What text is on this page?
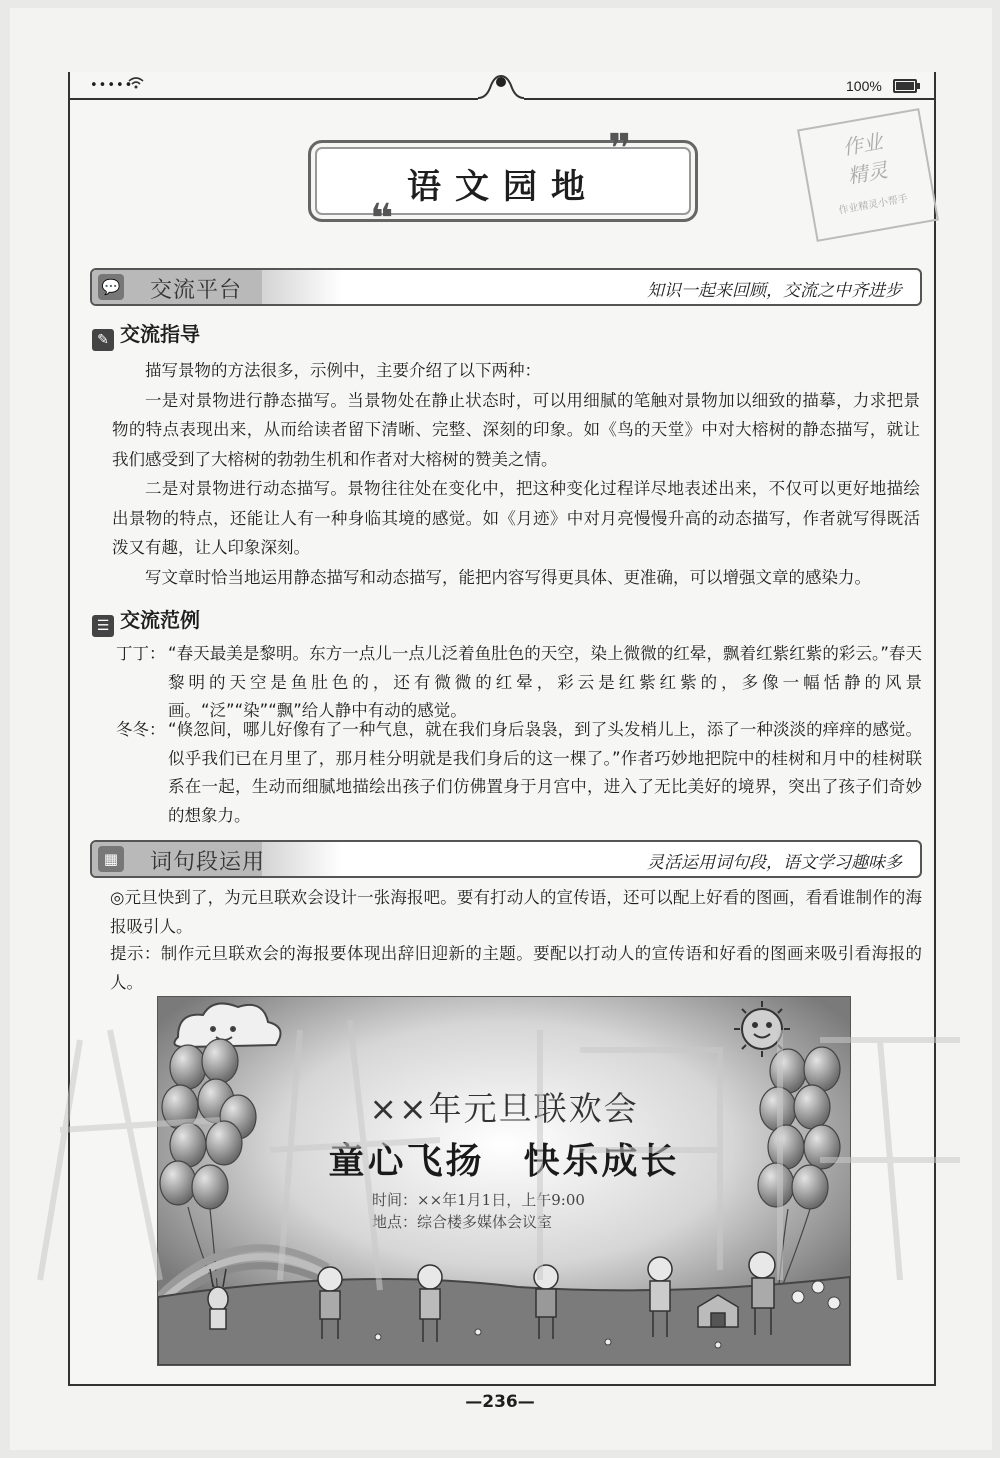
•••••	100%
语文园地
❝
❞	作业
精灵
作业精灵小帮手
💬 交流平台	知识一起来回顾，交流之中齐进步
✎ 交流指导

描写景物的方法很多，示例中，主要介绍了以下两种：

一是对景物进行静态描写。当景物处在静止状态时，可以用细腻的笔触对景物加以细致的描摹，力求把景物的特点表现出来，从而给读者留下清晰、完整、深刻的印象。如《鸟的天堂》中对大榕树的静态描写，就让我们感受到了大榕树的勃勃生机和作者对大榕树的赞美之情。

二是对景物进行动态描写。景物往往处在变化中，把这种变化过程详尽地表述出来，不仅可以更好地描绘出景物的特点，还能让人有一种身临其境的感觉。如《月迹》中对月亮慢慢升高的动态描写，作者就写得既活泼又有趣，让人印象深刻。

写文章时恰当地运用静态描写和动态描写，能把内容写得更具体、更准确，可以增强文章的感染力。

☰ 交流范例
丁丁： “春天最美是黎明。东方一点儿一点儿泛着鱼肚色的天空，染上微微的红晕，飘着红紫红紫的彩云。”春天黎明的天空是鱼肚色的，还有微微的红晕，彩云是红紫红紫的，多像一幅恬静的风景画。“泛”“染”“飘”给人静中有动的感觉。
冬冬： “倏忽间，哪儿好像有了一种气息，就在我们身后袅袅，到了头发梢儿上，添了一种淡淡的痒痒的感觉。似乎我们已在月里了，那月桂分明就是我们身后的这一棵了。”作者巧妙地把院中的桂树和月中的桂树联系在一起，生动而细腻地描绘出孩子们仿佛置身于月宫中，进入了无比美好的境界，突出了孩子们奇妙的想象力。
▦ 词句段运用	灵活运用词句段，语文学习趣味多
◎元旦快到了，为元旦联欢会设计一张海报吧。要有打动人的宣传语，还可以配上好看的图画，看看谁制作的海报吸引人。
提示：制作元旦联欢会的海报要体现出辞旧迎新的主题。要配以打动人的宣传语和好看的图画来吸引看海报的人。
××年元旦联欢会
童心飞扬　快乐成长
时间：××年1月1日，上午9:00
地点：综合楼多媒体会议室
—236—
